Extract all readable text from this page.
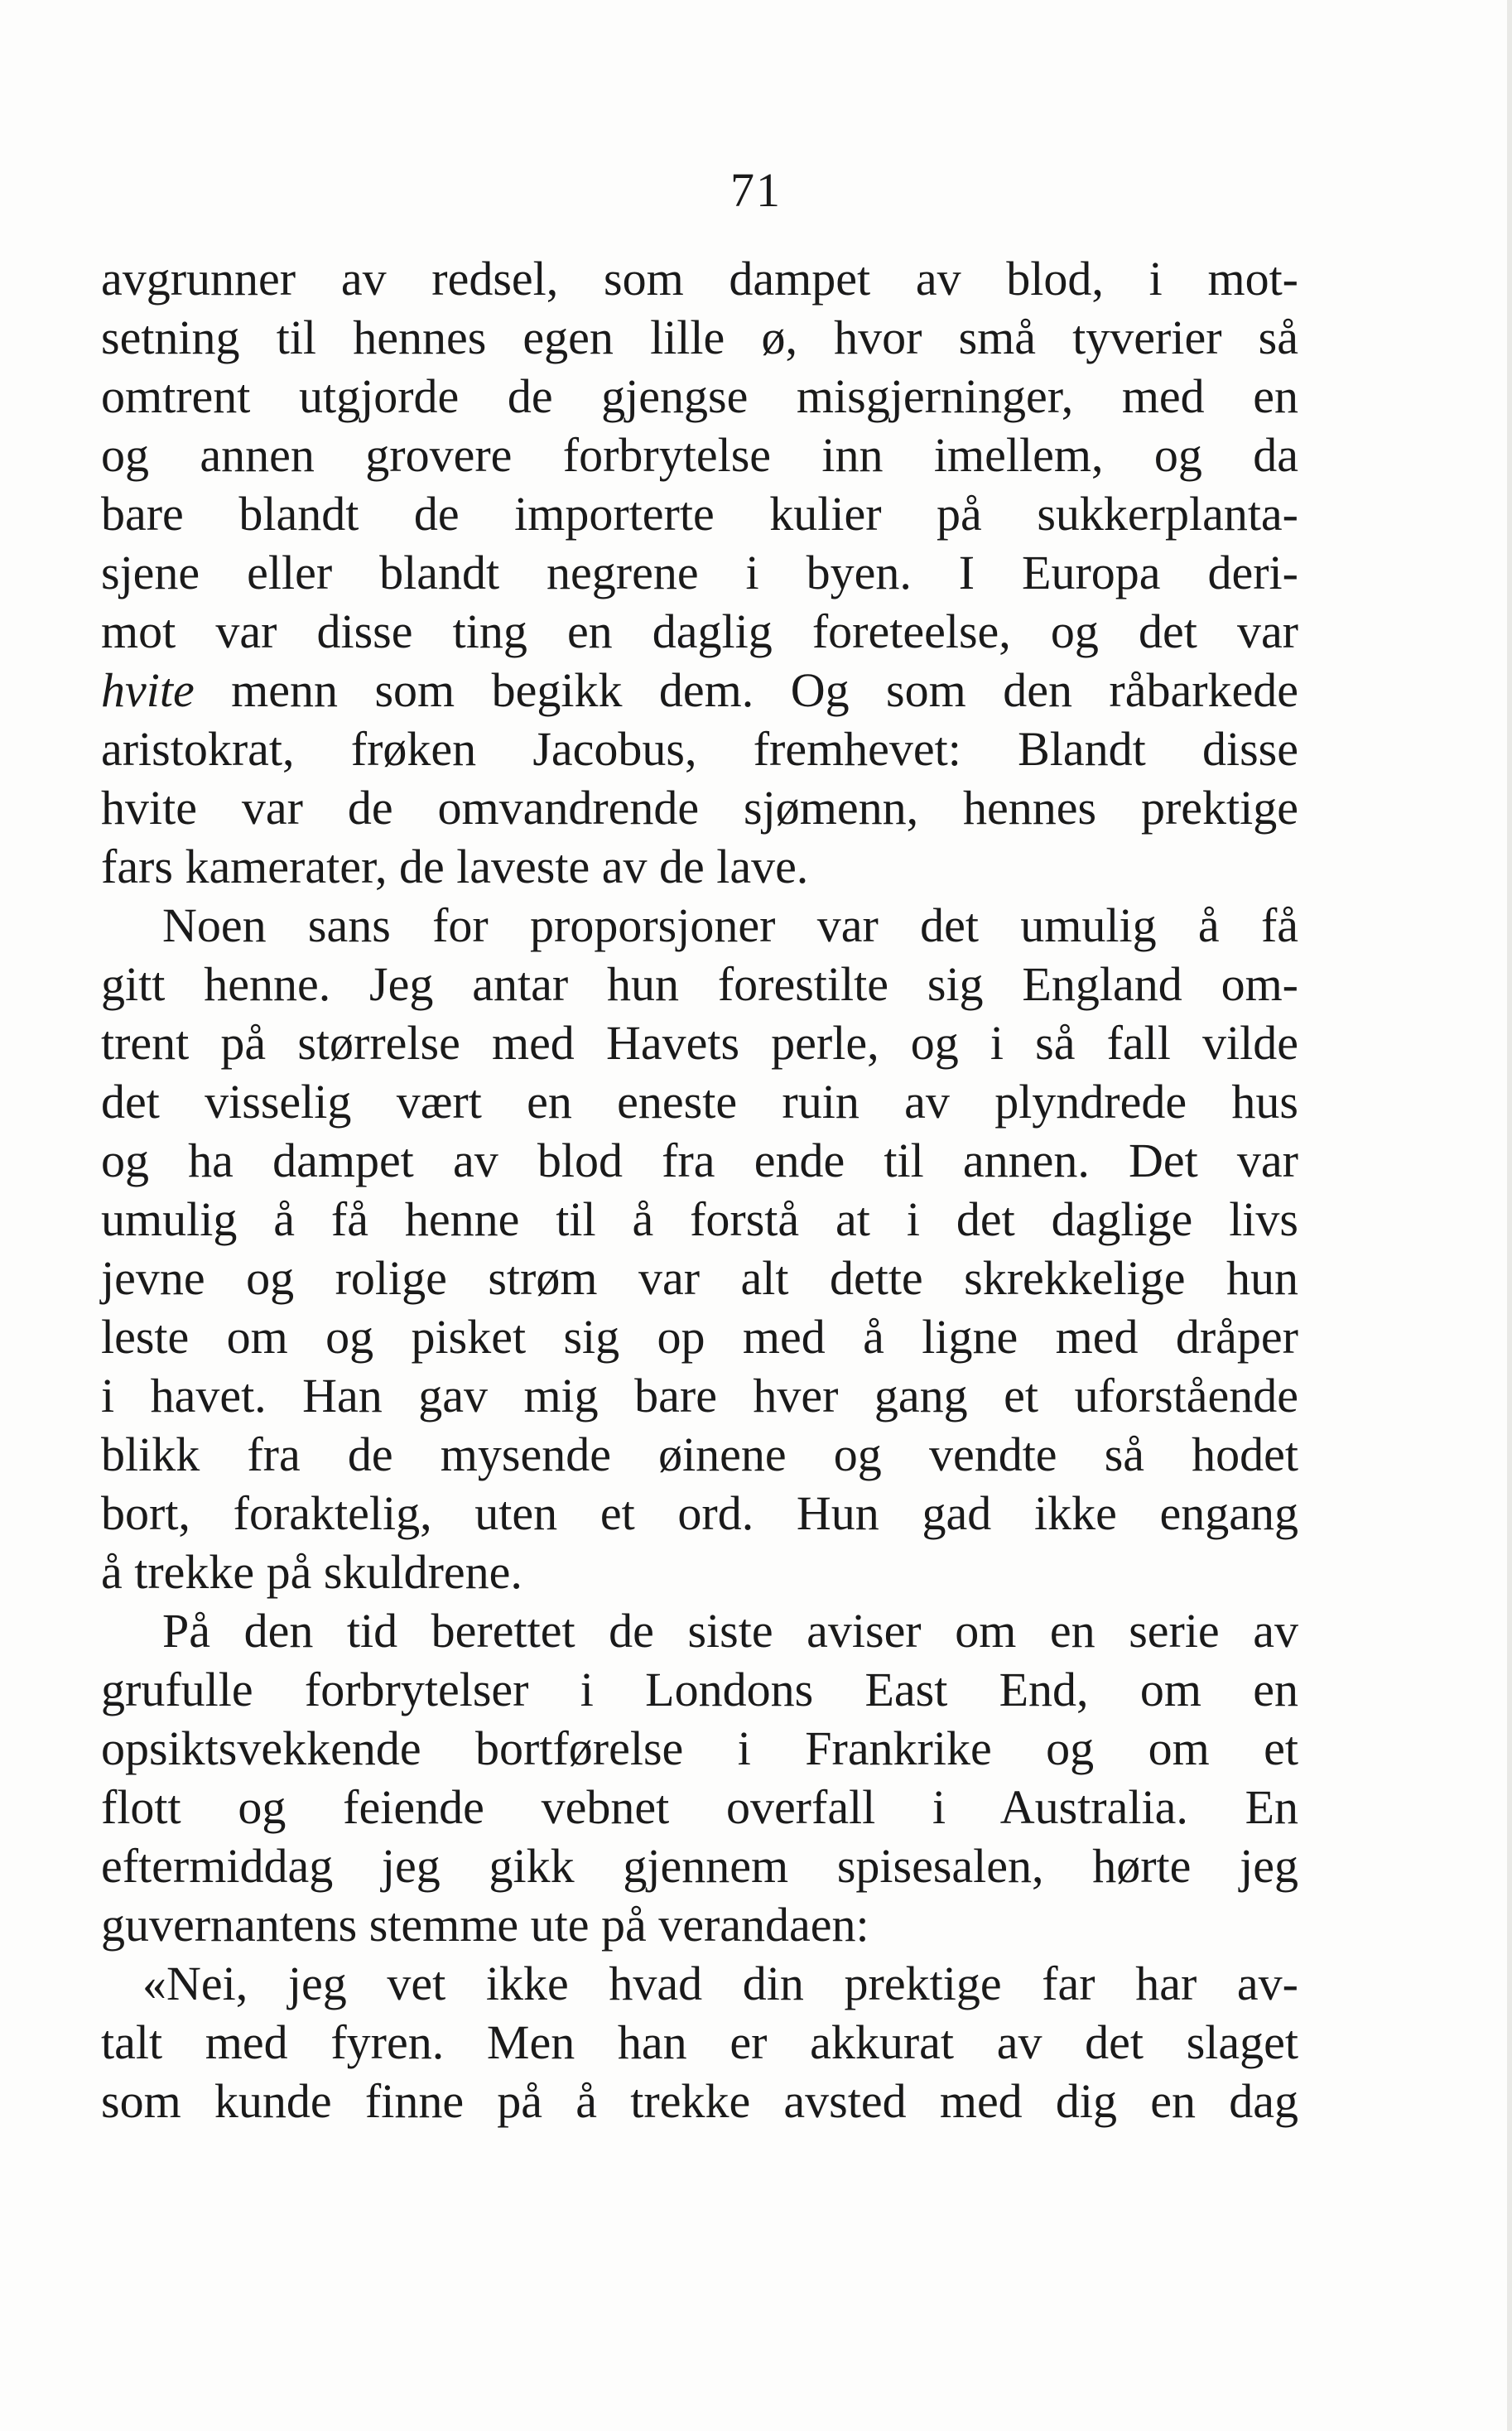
71
avgrunner av redsel, som dampet av blod, i mot-
setning til hennes egen lille ø, hvor små tyverier så
omtrent utgjorde de gjengse misgjerninger, med en
og annen grovere forbrytelse inn imellem, og da
bare blandt de importerte kulier på sukkerplanta-
sjene eller blandt negrene i byen. I Europa deri-
mot var disse ting en daglig foreteelse, og det var
hvite menn som begikk dem. Og som den råbarkede
aristokrat, frøken Jacobus, fremhevet: Blandt disse
hvite var de omvandrende sjømenn, hennes prektige
fars kamerater, de laveste av de lave.
Noen sans for proporsjoner var det umulig å få
gitt henne. Jeg antar hun forestilte sig England om-
trent på størrelse med Havets perle, og i så fall vilde
det visselig vært en eneste ruin av plyndrede hus
og ha dampet av blod fra ende til annen. Det var
umulig å få henne til å forstå at i det daglige livs
jevne og rolige strøm var alt dette skrekkelige hun
leste om og pisket sig op med å ligne med dråper
i havet. Han gav mig bare hver gang et uforstående
blikk fra de mysende øinene og vendte så hodet
bort, foraktelig, uten et ord. Hun gad ikke engang
å trekke på skuldrene.
På den tid berettet de siste aviser om en serie av
grufulle forbrytelser i Londons East End, om en
opsiktsvekkende bortførelse i Frankrike og om et
flott og feiende vebnet overfall i Australia. En
eftermiddag jeg gikk gjennem spisesalen, hørte jeg
guvernantens stemme ute på verandaen:
«Nei, jeg vet ikke hvad din prektige far har av-
talt med fyren. Men han er akkurat av det slaget
som kunde finne på å trekke avsted med dig en dag
